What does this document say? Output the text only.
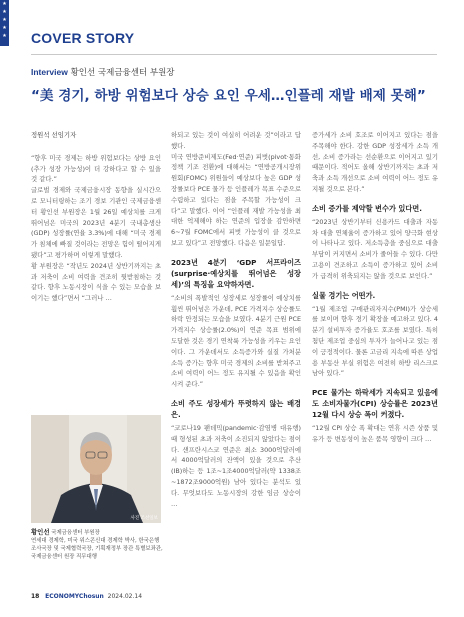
★
★
★
★
★ COVER STORY
Interview 황인선 국제금융센터 부원장
“美 경기, 하방 위험보다 상승 요인 우세…인플레 재발 배제 못해”

정원석 선임기자

“향후 미국 경제는 하방 위험보다는 상방 요인(추가 성장 가능성)이 더 강하다고 할 수 있을 것 같다.”

글로벌 경제와 국제금융시장 동향을 실시간으로 모니터링하는 조기 경보 기관인 국제금융센터 황인선 부원장은 1월 26일 예상치를 크게 뛰어넘은 미국의 2023년 4분기 국내총생산(GDP) 성장률(연율 3.3%)에 대해 “미국 경제가 침체에 빠질 것이라는 전망은 힘이 떨어지게 됐다”고 평가하며 이렇게 말했다.

황 부원장은 “작년도 2024년 상반기까지는 초과 저축이 소비 여력을 견조히 뒷받침하는 것 같다. 향후 노동시장이 식을 수 있는 모습을 보이기는 했다”면서 “그러나 …

사진 조선일보
황인선 국제금융센터 부원장
연세대 경제학, 미국 위스콘신대 경제학 박사, 한국은행 조사국장 및 국제협력국장, 기획재정부 장관 특별보좌관, 국제금융센터 원장 직무대행

하되고 있는 것이 여실히 어려운 것”이라고 답했다.

미국 연방준비제도(Fed·연준) 피벗(pivot·통화정책 기조 전환)에 대해서는 “연방공개시장위원회(FOMC) 위원들이 예상보다 높은 GDP 성장률보다 PCE 물가 등 인플레가 목표 수준으로 수렴하고 있다는 점을 주목할 가능성이 크다”고 말했다. 이어 “인플레 재발 가능성을 최대한 억제해야 하는 연준의 입장을 감안하면 6~7월 FOMC에서 피벗 가능성이 클 것으로 보고 있다”고 전망했다. 다음은 일문일답.

2023년 4분기 ‘GDP 서프라이즈(surprise·예상치를 뛰어넘은 성장세)’의 특징을 요약하자면.

“소비의 폭발적인 성장세로 성장률이 예상치를 훨씬 뛰어넘은 가운데, PCE 가격지수 상승률도 하락 안정되는 모습을 보였다. 4분기 근원 PCE 가격지수 상승률(2.0%)이 연준 목표 범위에 도달한 것은 경기 연착륙 가능성을 키우는 요인이다. 그 가운데서도 소득증가와 실질 가처분 소득 증가는 향후 미국 경제의 소비를 받쳐주고 소비 여력이 어느 정도 유지될 수 있음을 확인시켜 준다.”

소비 주도 성장세가 뚜렷하지 않는 배경은.

“코로나19 팬데믹(pandemic·감염병 대유행) 때 형성된 초과 저축이 소진되지 않았다는 점이다. 샌프란시스코 연준은 최소 3000억달러에서 4000억달러의 잔액이 있을 것으로 추산(IB)하는 등 1조~1조4000억달러(약 1338조~1872조9000억원) 남아 있다는 분석도 있다. 무엇보다도 노동시장의 강한 임금 상승이 …

증가세가 소비 호조로 이어지고 있다는 점을 주목해야 한다. 강한 GDP 성장세가 소득 개선, 소비 증가라는 선순환으로 이어지고 있기 때문이다. 적어도 올해 상반기까지는 초과 저축과 소득 개선으로 소비 여력이 어느 정도 유지될 것으로 본다.”

소비 증가를 제약할 변수가 있다면.

“2023년 상반기부터 신용카드 대출과 자동차 대출 연체율이 증가하고 있어 양극화 현상이 나타나고 있다. 저소득층을 중심으로 대출 부담이 커지면서 소비가 줄어들 수 있다. 다만 고용이 견조하고 소득이 증가하고 있어 소비가 급격히 위축되지는 않을 것으로 보인다.”

실물 경기는 어떤가.

“1월 제조업 구매관리자지수(PMI)가 상승세를 보이며 향후 경기 확장을 예고하고 있다. 4분기 설비투자 증가율도 호조를 보였다. 특히 첨단 제조업 중심의 투자가 늘어나고 있는 점이 긍정적이다. 물론 고금리 지속에 따른 상업용 부동산 부실 위험은 여전히 하방 리스크로 남아 있다.”

PCE 물가는 하락세가 지속되고 있음에도 소비자물가(CPI) 상승률은 2023년 12월 다시 상승 폭이 커졌다.

“12월 CPI 상승 폭 확대는 연휴 시즌 상품 및 유가 등 변동성이 높은 품목 영향이 크다 …

18 ECONOMYChosun 2024.02.14
